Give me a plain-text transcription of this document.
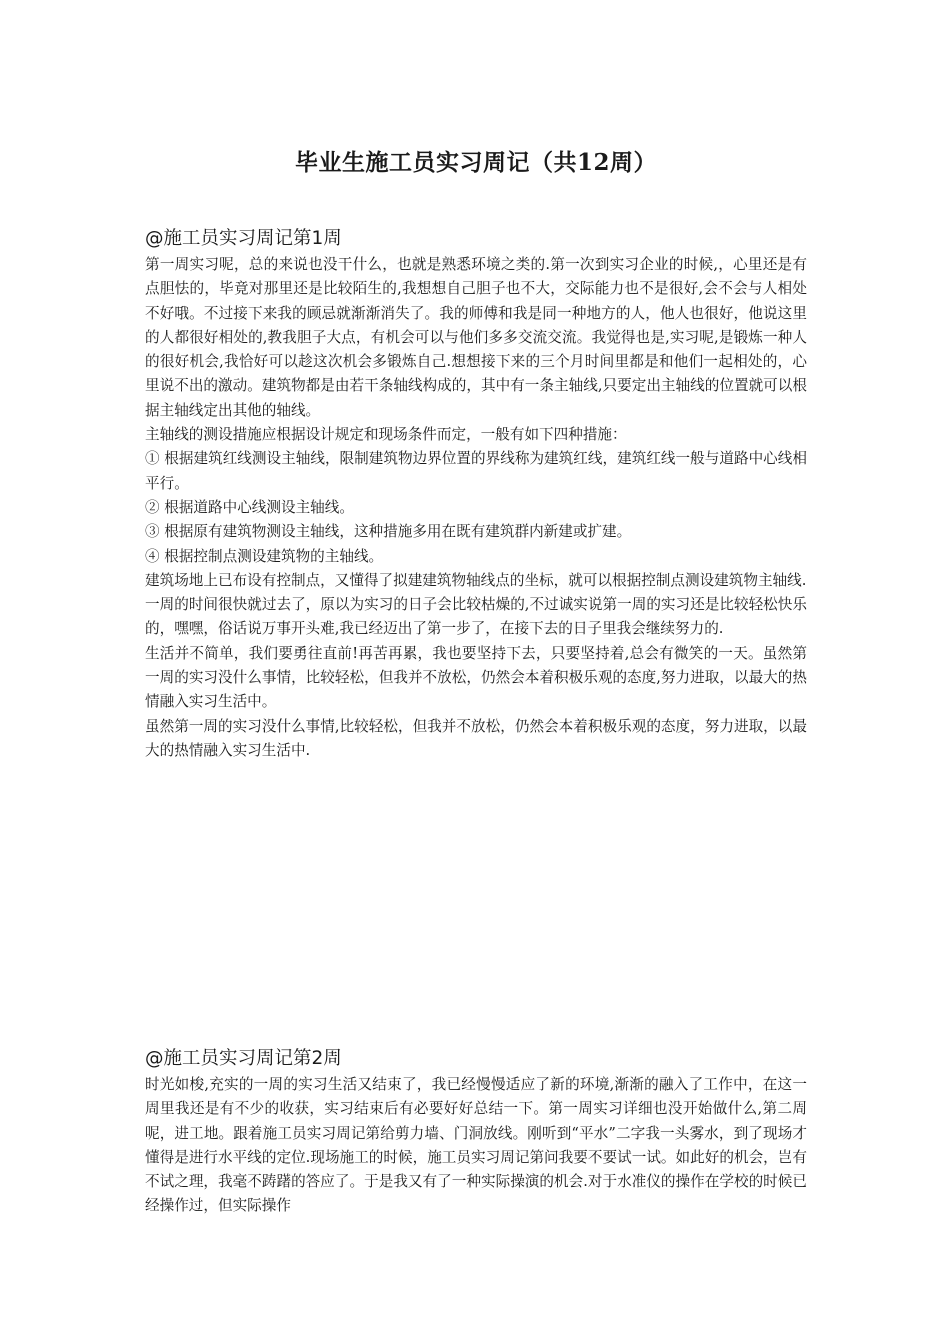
毕业生施工员实习周记（共12周）
@施工员实习周记第1周

第一周实习呢，总的来说也没干什么，也就是熟悉环境之类的.第一次到实习企业的时候,，心里还是有点胆怯的，毕竟对那里还是比较陌生的,我想想自己胆子也不大，交际能力也不是很好,会不会与人相处不好哦。不过接下来我的顾忌就渐渐消失了。我的师傅和我是同一种地方的人，他人也很好，他说这里的人都很好相处的,教我胆子大点，有机会可以与他们多多交流交流。我觉得也是,实习呢,是锻炼一种人的很好机会,我恰好可以趁这次机会多锻炼自己.想想接下来的三个月时间里都是和他们一起相处的，心里说不出的激动。建筑物都是由若干条轴线构成的，其中有一条主轴线,只要定出主轴线的位置就可以根据主轴线定出其他的轴线。

主轴线的测设措施应根据设计规定和现场条件而定，一般有如下四种措施：

① 根据建筑红线测设主轴线，限制建筑物边界位置的界线称为建筑红线，建筑红线一般与道路中心线相平行。

② 根据道路中心线测设主轴线。

③ 根据原有建筑物测设主轴线，这种措施多用在既有建筑群内新建或扩建。

④ 根据控制点测设建筑物的主轴线。

建筑场地上已布设有控制点，又懂得了拟建建筑物轴线点的坐标，就可以根据控制点测设建筑物主轴线.

一周的时间很快就过去了，原以为实习的日子会比较枯燥的,不过诚实说第一周的实习还是比较轻松快乐的，嘿嘿，俗话说万事开头难,我已经迈出了第一步了，在接下去的日子里我会继续努力的.

生活并不简单，我们要勇往直前!再苦再累，我也要坚持下去，只要坚持着,总会有微笑的一天。虽然第一周的实习没什么事情，比较轻松，但我并不放松，仍然会本着积极乐观的态度,努力进取，以最大的热情融入实习生活中。

虽然第一周的实习没什么事情,比较轻松，但我并不放松，仍然会本着积极乐观的态度，努力进取，以最大的热情融入实习生活中.

@施工员实习周记第2周

时光如梭,充实的一周的实习生活又结束了，我已经慢慢适应了新的环境,渐渐的融入了工作中，在这一周里我还是有不少的收获，实习结束后有必要好好总结一下。第一周实习详细也没开始做什么,第二周呢，进工地。跟着施工员实习周记第给剪力墙、门洞放线。刚听到“平水”二字我一头雾水，到了现场才懂得是进行水平线的定位.现场施工的时候，施工员实习周记第问我要不要试一试。如此好的机会，岂有不试之理，我毫不踌躇的答应了。于是我又有了一种实际操演的机会.对于水准仪的操作在学校的时候已经操作过，但实际操作
